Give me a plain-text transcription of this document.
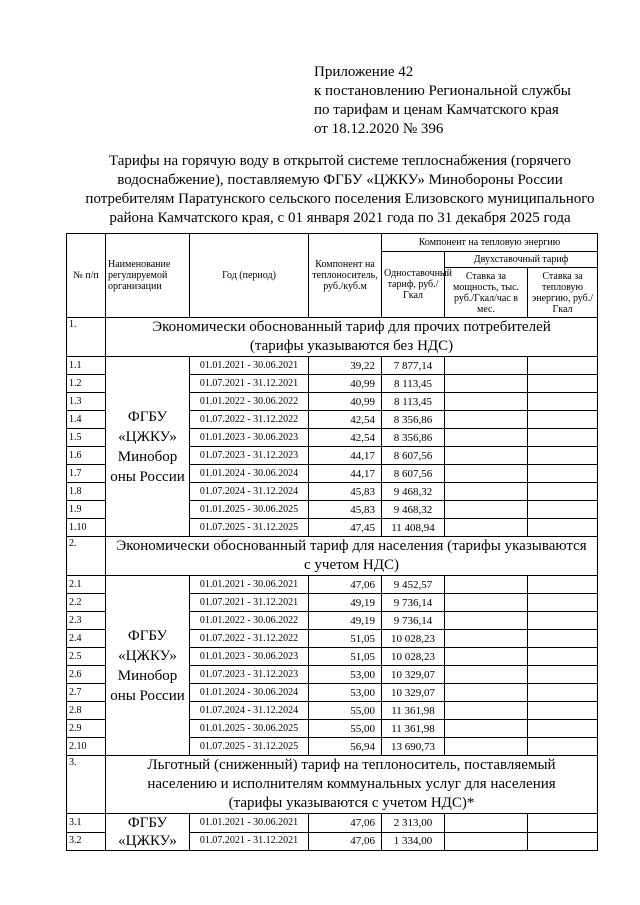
Приложение 42
к постановлению Региональной службы
по тарифам и ценам Камчатского края
от 18.12.2020 № 396
Тарифы на горячую воду в открытой системе теплоснабжения (горячего
водоснабжение), поставляемую ФГБУ «ЦЖКУ» Минобороны России
потребителям Паратунского сельского поселения Елизовского муниципального
района Камчатского края, с 01 января 2021 года по 31 декабря 2025 года
№ п/п	Наименование регулируемой организации	Год (период)	Компонент на теплоноситель, руб./куб.м	Компонент на тепловую энергию		
				Одноставочный тариф, руб./Гкал	Двухставочный тариф	
					Ставка за мощность, тыс. руб./Гкал/час в мес.	Ставка за тепловую энергию, руб./Гкал
1.	Экономически обоснованный тариф для прочих потребителей
(тарифы указываются без НДС)					

1.1	ФГБУ
«ЦЖКУ»
Минобор
оны России	01.01.2021 - 30.06.2021	39,22	7 877,14		
1.2		01.07.2021 - 31.12.2021	40,99	8 113,45		
1.3		01.01.2022 - 30.06.2022	40,99	8 113,45		
1.4		01.07.2022 - 31.12.2022	42,54	8 356,86		
1.5		01.01.2023 - 30.06.2023	42,54	8 356,86		
1.6		01.07.2023 - 31.12.2023	44,17	8 607,56		
1.7		01.01.2024 - 30.06.2024	44,17	8 607,56		
1.8		01.07.2024 - 31.12.2024	45,83	9 468,32		
1.9		01.01.2025 - 30.06.2025	45,83	9 468,32		
1.10		01.07.2025 - 31.12.2025	47,45	11 408,94		
2.	Экономически обоснованный тариф для населения (тарифы указываются
с учетом НДС)					

2.1	ФГБУ
«ЦЖКУ»
Минобор
оны России	01.01.2021 - 30.06.2021	47,06	9 452,57		
2.2		01.07.2021 - 31.12.2021	49,19	9 736,14		
2.3		01.01.2022 - 30.06.2022	49,19	9 736,14		
2.4		01.07.2022 - 31.12.2022	51,05	10 028,23		
2.5		01.01.2023 - 30.06.2023	51,05	10 028,23		
2.6		01.07.2023 - 31.12.2023	53,00	10 329,07		
2.7		01.01.2024 - 30.06.2024	53,00	10 329,07		
2.8		01.07.2024 - 31.12.2024	55,00	11 361,98		
2.9		01.01.2025 - 30.06.2025	55,00	11 361,98		
2.10		01.07.2025 - 31.12.2025	56,94	13 690,73		
3.	Льготный (сниженный) тариф на теплоноситель, поставляемый
населению и исполнителям коммунальных услуг для населения
(тарифы указываются с учетом НДС)*					

3.1	ФГБУ
«ЦЖКУ»	01.01.2021 - 30.06.2021	47,06	2 313,00		
3.2		01.07.2021 - 31.12.2021	47,06	1 334,00		
